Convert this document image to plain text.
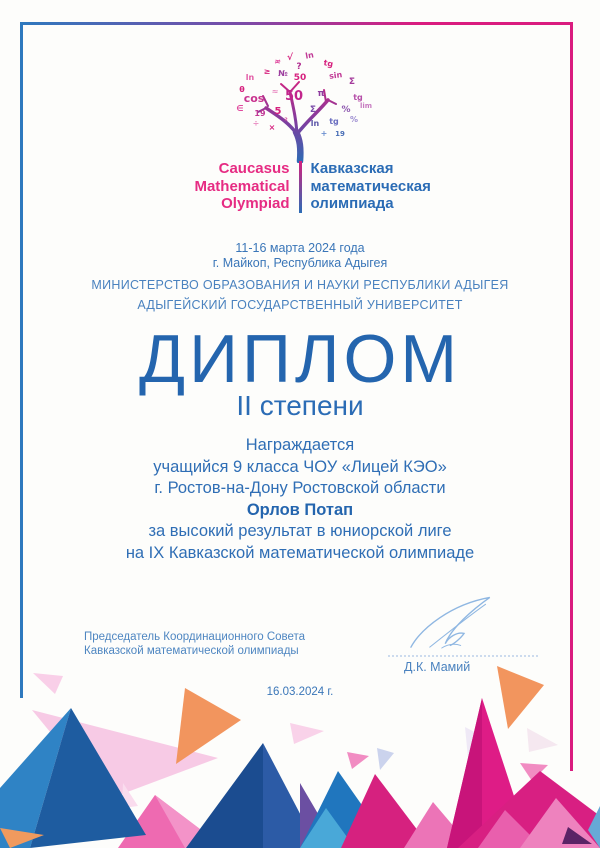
√ ln
≠	tg
?
ln
≥ № 50	sin
Σ
θ	≈
cos 50 π	tg
∈
19 5	Σ	% lim
÷ ×
²	ln tg %
19
+
Caucasus
Mathematical
Olympiad
Кавказская
математическая
олимпиада
11-16 марта 2024 года
г. Майкоп, Республика Адыгея
МИНИСТЕРСТВО ОБРАЗОВАНИЯ И НАУКИ РЕСПУБЛИКИ АДЫГЕЯ
АДЫГЕЙСКИЙ ГОСУДАРСТВЕННЫЙ УНИВЕРСИТЕТ
ДИПЛОМ
II степени
Награждается
учащийся 9 класса ЧОУ «Лицей КЭО»
г. Ростов-на-Дону Ростовской области
Орлов Потап
за высокий результат в юниорской лиге
на IX Кавказской математической олимпиаде
Председатель Координационного Совета
Кавказской математической олимпиады
Д.К. Мамий
16.03.2024 г.
